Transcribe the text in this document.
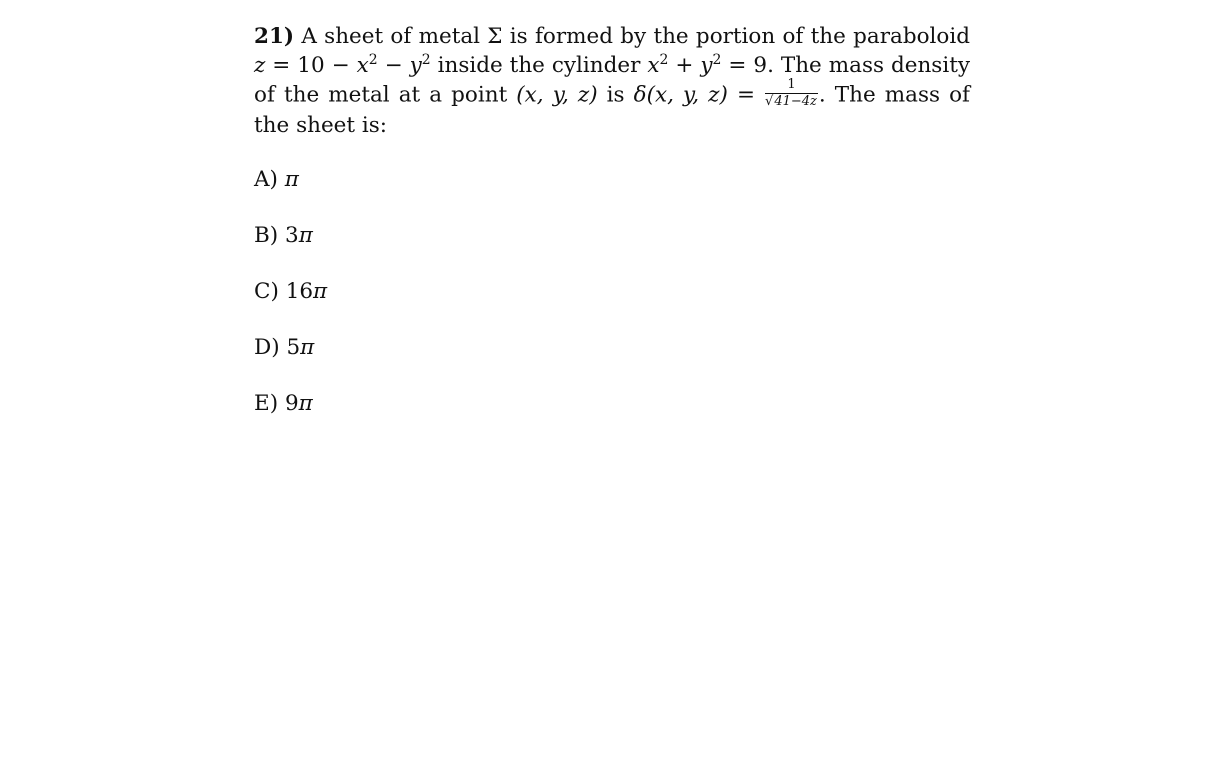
21) A sheet of metal Σ is formed by the portion of the paraboloid $z = 10 - x^2 - y^2$ inside the cylinder $x^2 + y^2 = 9$. The mass density of the metal at a point (x, y, z) is δ(x, y, $z) = \frac{1}{√41-4z}$ . The mass of the sheet is:
A) π
B) 3π
C) 16π
D) 5π
E) 9π
